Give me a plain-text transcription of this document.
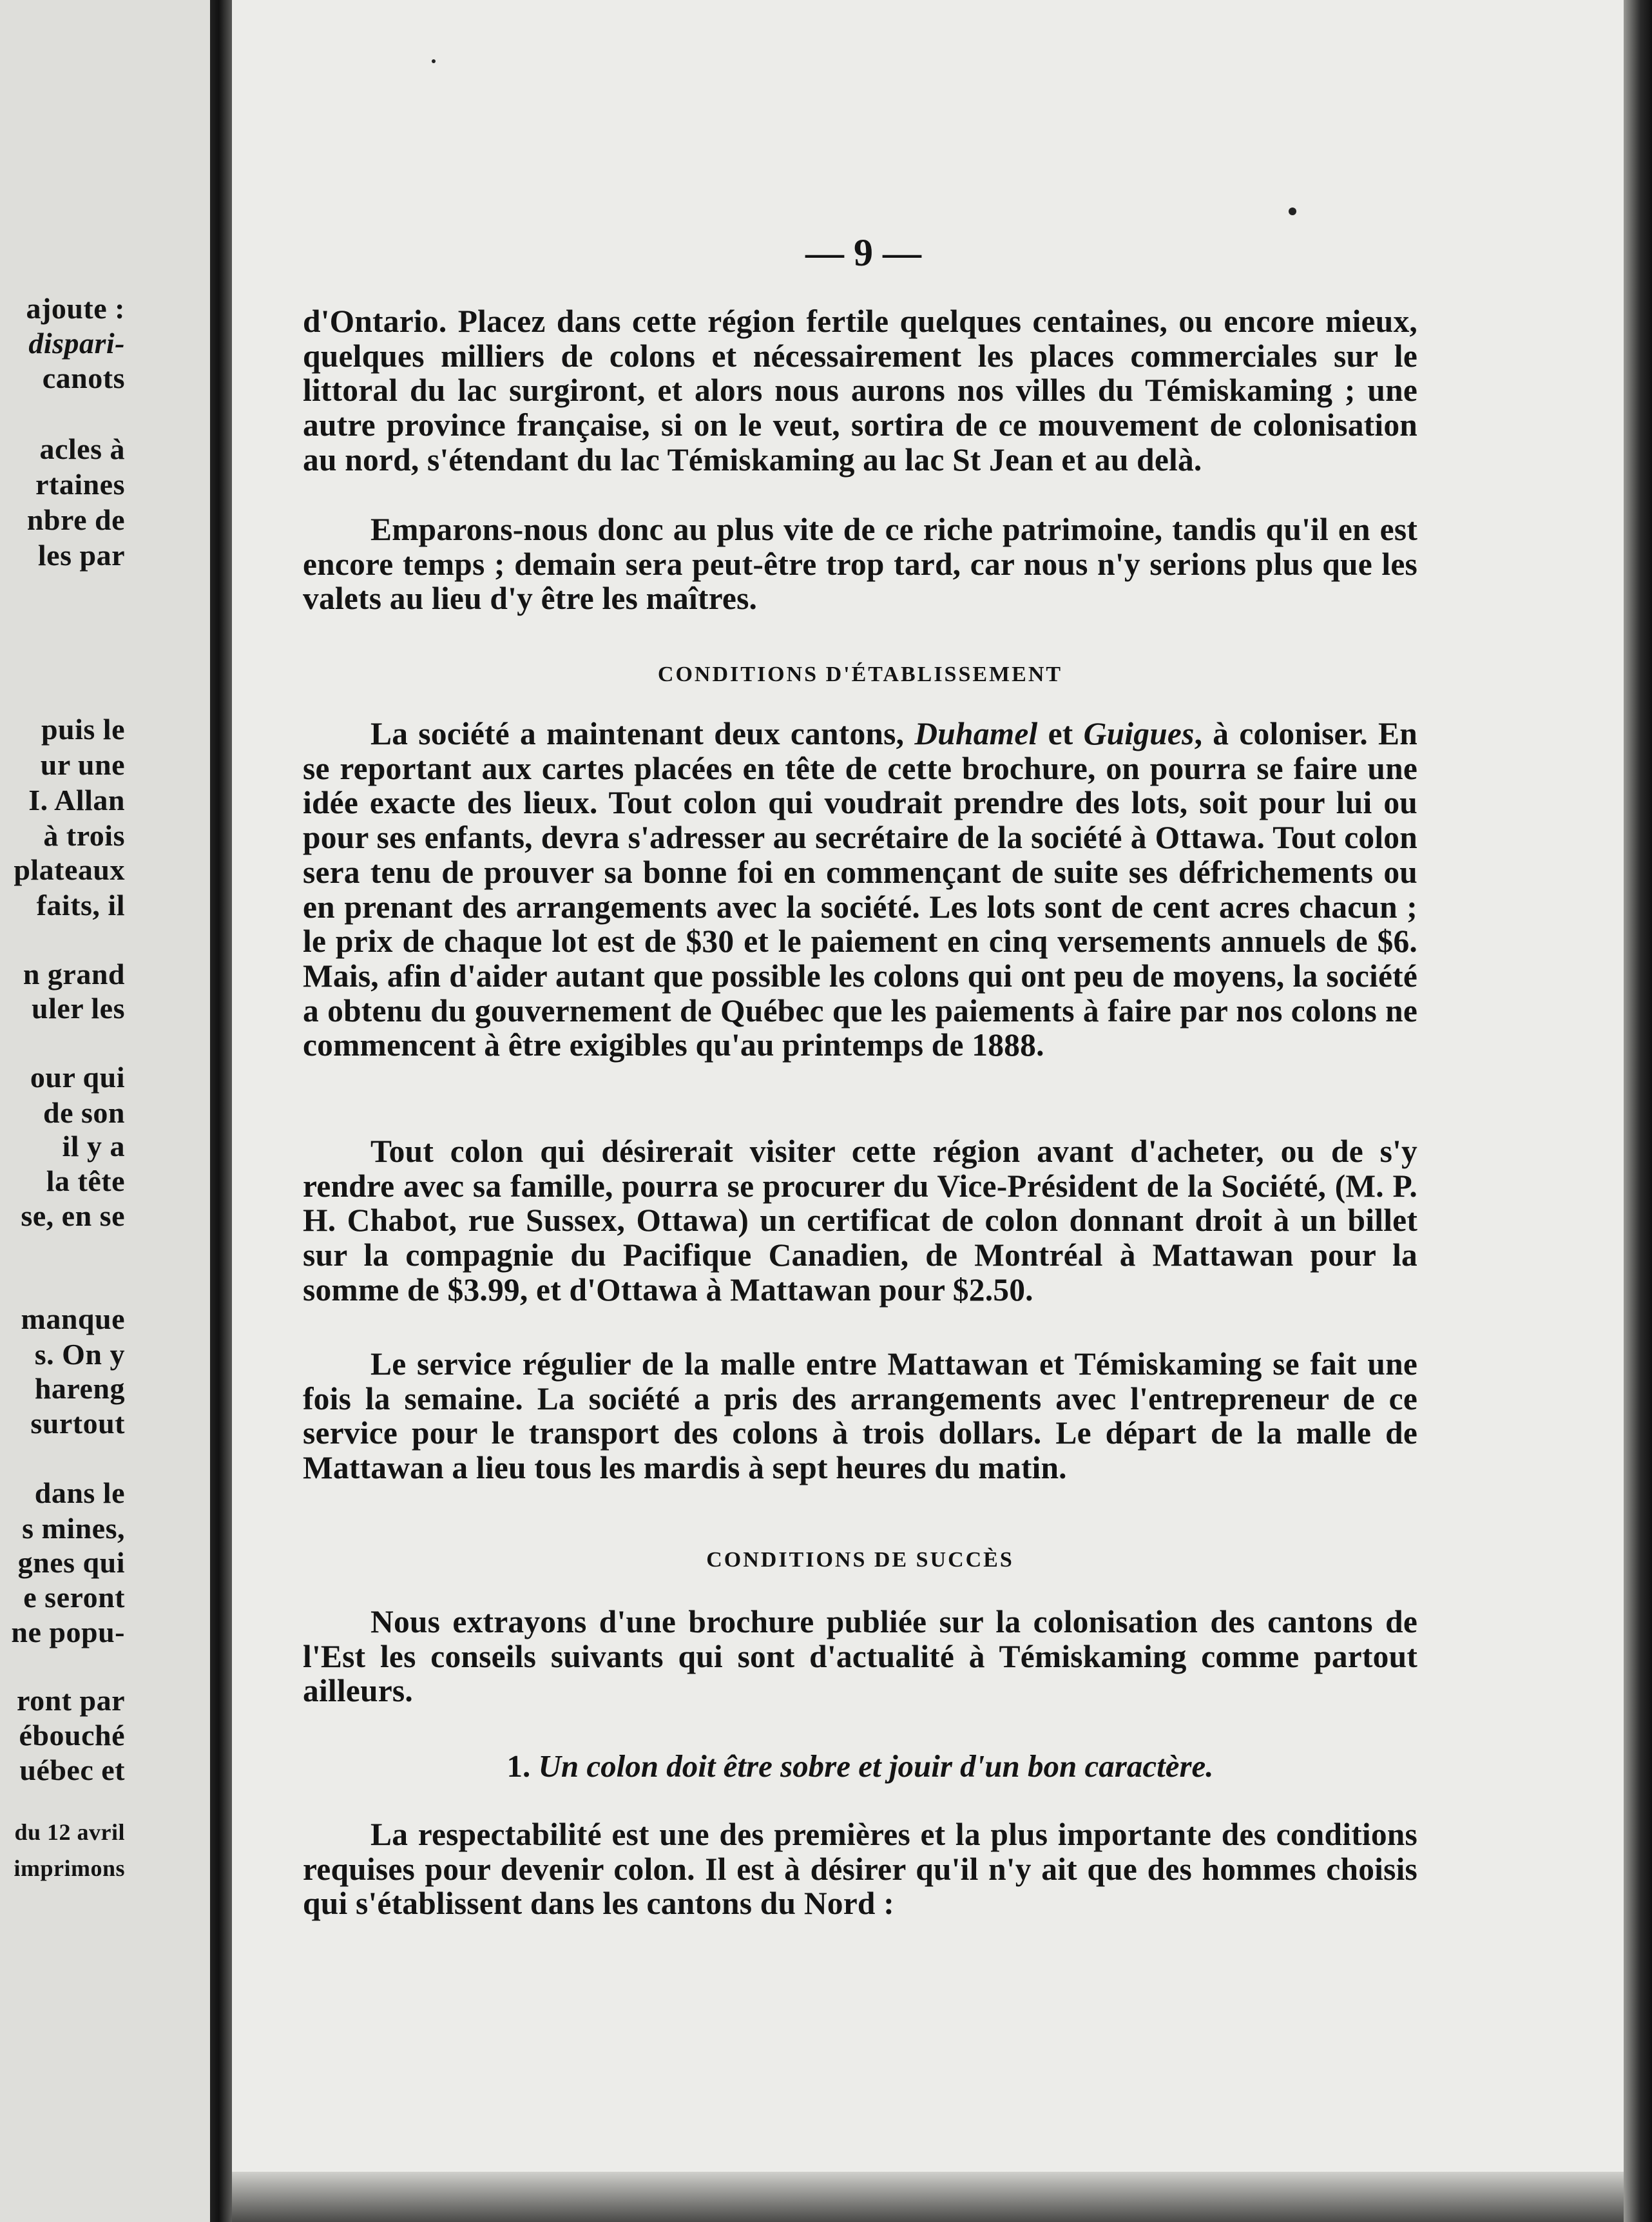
ajoute :
dispari-
canots
acles à
rtaines
nbre de
les par
puis le
ur une
I. Allan
à trois
plateaux
faits, il
n grand
uler les
our qui
de son
il y a
la tête
se, en se
manque
s. On y
hareng
surtout
dans le
s mines,
gnes qui
e seront
ne popu-
ront par
ébouché
uébec et
du 12 avril
imprimons
— 9 —

d'Ontario. Placez dans cette région fertile quelques centaines, ou encore mieux, quelques milliers de colons et nécessairement les places commerciales sur le littoral du lac surgiront, et alors nous aurons nos villes du Témiskaming ; une autre province française, si on le veut, sortira de ce mouvement de colonisation au nord, s'étendant du lac Témiskaming au lac St Jean et au delà.

Emparons-nous donc au plus vite de ce riche patrimoine, tandis qu'il en est encore temps ; demain sera peut-être trop tard, car nous n'y serions plus que les valets au lieu d'y être les maîtres.

CONDITIONS D'ÉTABLISSEMENT

La société a maintenant deux cantons, Duhamel et Guigues, à coloniser. En se reportant aux cartes placées en tête de cette brochure, on pourra se faire une idée exacte des lieux. Tout colon qui voudrait prendre des lots, soit pour lui ou pour ses enfants, devra s'adresser au secrétaire de la société à Ottawa. Tout colon sera tenu de prouver sa bonne foi en commençant de suite ses défrichements ou en prenant des arrangements avec la société. Les lots sont de cent acres chacun ; le prix de chaque lot est de $30 et le paiement en cinq versements annuels de $6. Mais, afin d'aider autant que possible les colons qui ont peu de moyens, la société a obtenu du gouvernement de Québec que les paiements à faire par nos colons ne commencent à être exigibles qu'au printemps de 1888.

Tout colon qui désirerait visiter cette région avant d'acheter, ou de s'y rendre avec sa famille, pourra se procurer du Vice-Président de la Société, (M. P. H. Chabot, rue Sussex, Ottawa) un certificat de colon donnant droit à un billet sur la compagnie du Pacifique Canadien, de Montréal à Mattawan pour la somme de $3.99, et d'Ottawa à Mattawan pour $2.50.

Le service régulier de la malle entre Mattawan et Témiskaming se fait une fois la semaine. La société a pris des arrangements avec l'entrepreneur de ce service pour le transport des colons à trois dollars. Le départ de la malle de Mattawan a lieu tous les mardis à sept heures du matin.

CONDITIONS DE SUCCÈS

Nous extrayons d'une brochure publiée sur la colonisation des cantons de l'Est les conseils suivants qui sont d'actualité à Témiskaming comme partout ailleurs.

1. Un colon doit être sobre et jouir d'un bon caractère.

La respectabilité est une des premières et la plus importante des conditions requises pour devenir colon. Il est à désirer qu'il n'y ait que des hommes choisis qui s'établissent dans les cantons du Nord :
